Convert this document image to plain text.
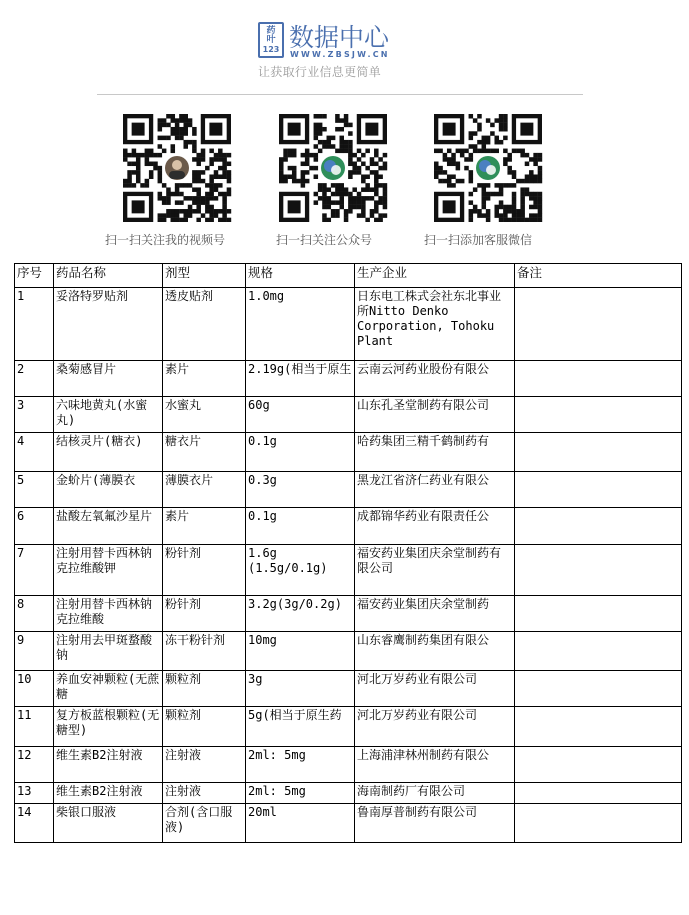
药
叶
123 数据中心
WWW.ZBSJW.CN
让获取行业信息更简单
扫一扫关注我的视频号	扫一扫关注公众号	扫一扫添加客服微信
序号	药品名称	剂型	规格	生产企业	备注

1	妥洛特罗贴剂	透皮贴剂	1.0mg	日东电工株式会社东北事业所Nitto Denko Corporation, Tohoku Plant	

2	桑菊感冒片	素片	2.19g(相当于原生	云南云河药业股份有限公	

3	六味地黄丸(水蜜丸)	水蜜丸	60g	山东孔圣堂制药有限公司	

4	结核灵片(糖衣)	糖衣片	0.1g	哈药集团三精千鹤制药有	

5	金蚧片(薄膜衣	薄膜衣片	0.3g	黑龙江省济仁药业有限公	

6	盐酸左氧氟沙星片	素片	0.1g	成都锦华药业有限责任公	

7	注射用替卡西林钠克拉维酸钾	粉针剂	1.6g (1.5g/0.1g)	福安药业集团庆余堂制药有限公司	

8	注射用替卡西林钠克拉维酸	粉针剂	3.2g(3g/0.2g)	福安药业集团庆余堂制药	

9	注射用去甲斑蝥酸钠	冻干粉针剂	10mg	山东睿鹰制药集团有限公	

10	养血安神颗粒(无蔗糖	颗粒剂	3g	河北万岁药业有限公司	

11	复方板蓝根颗粒(无糖型)	颗粒剂	5g(相当于原生药	河北万岁药业有限公司	

12	维生素B2注射液	注射液	2ml: 5mg	上海浦津林州制药有限公	

13	维生素B2注射液	注射液	2ml: 5mg	海南制药厂有限公司	

14	柴银口服液	合剂(含口服液)	20ml	鲁南厚普制药有限公司	
